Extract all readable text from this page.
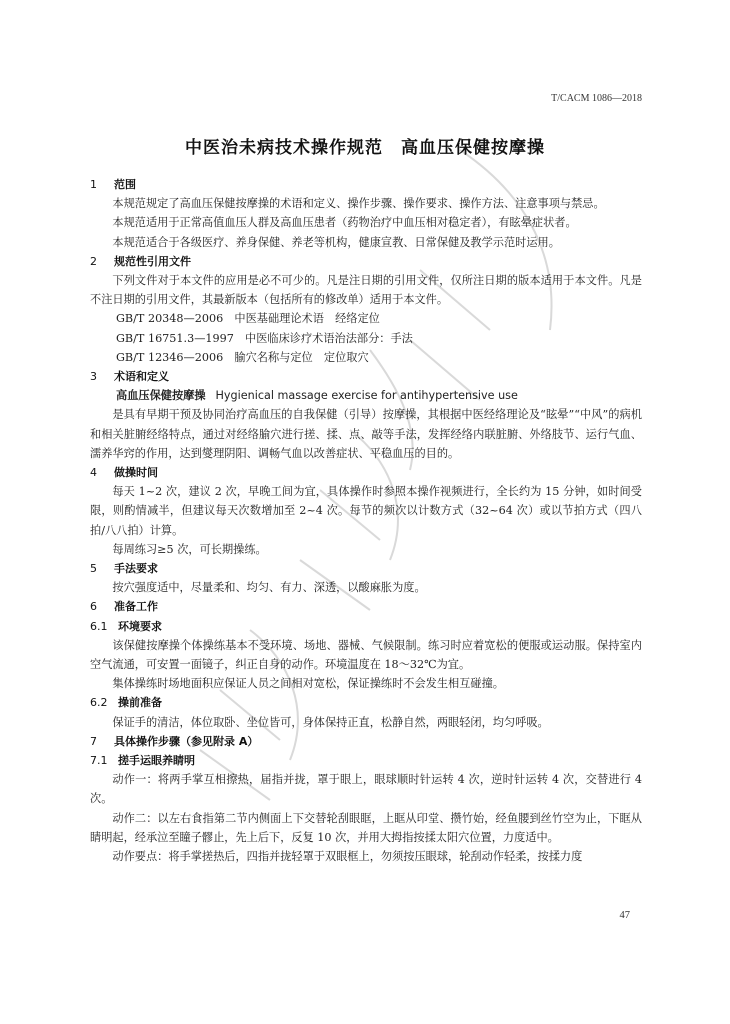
T/CACM 1086—2018
中医治未病技术操作规范　高血压保健按摩操
1 范围
本规范规定了高血压保健按摩操的术语和定义、操作步骤、操作要求、操作方法、注意事项与禁忌。
本规范适用于正常高值血压人群及高血压患者（药物治疗中血压相对稳定者），有眩晕症状者。
本规范适合于各级医疗、养身保健、养老等机构，健康宣教、日常保健及教学示范时运用。
2 规范性引用文件
下列文件对于本文件的应用是必不可少的。凡是注日期的引用文件，仅所注日期的版本适用于本文件。凡是不注日期的引用文件，其最新版本（包括所有的修改单）适用于本文件。
GB/T 20348—2006　中医基础理论术语　经络定位
GB/T 16751.3—1997　中医临床诊疗术语治法部分：手法
GB/T 12346—2006　腧穴名称与定位　定位取穴
3 术语和定义
高血压保健按摩操 Hygienical massage exercise for antihypertensive use
是具有早期干预及协同治疗高血压的自我保健（引导）按摩操，其根据中医经络理论及“眩晕”“中风”的病机和相关脏腑经络特点，通过对经络腧穴进行搓、揉、点、敲等手法，发挥经络内联脏腑、外络肢节、运行气血、濡养华窍的作用，达到燮理阴阳、调畅气血以改善症状、平稳血压的目的。
4 做操时间
每天 1~2 次，建议 2 次，早晚工间为宜，具体操作时参照本操作视频进行，全长约为 15 分钟，如时间受限，则酌情减半，但建议每天次数增加至 2~4 次。每节的频次以计数方式（32~64 次）或以节拍方式（四八拍/八八拍）计算。
每周练习≥5 次，可长期操练。
5 手法要求
按穴强度适中，尽量柔和、均匀、有力、深透，以酸麻胀为度。
6 准备工作
6.1 环境要求
该保健按摩操个体操练基本不受环境、场地、器械、气候限制。练习时应着宽松的便服或运动服。保持室内空气流通，可安置一面镜子，纠正自身的动作。环境温度在 18～32℃为宜。
集体操练时场地面积应保证人员之间相对宽松，保证操练时不会发生相互碰撞。
6.2 操前准备
保证手的清洁，体位取卧、坐位皆可，身体保持正直，松静自然，两眼轻闭，均匀呼吸。
7 具体操作步骤（参见附录 A）
7.1 搓手运眼养睛明
动作一：将两手掌互相擦热，届指并拢，罩于眼上，眼球顺时针运转 4 次，逆时针运转 4 次，交替进行 4 次。
动作二：以左右食指第二节内侧面上下交替轮刮眼眶，上眶从印堂、攒竹始，经鱼腰到丝竹空为止，下眶从睛明起，经承泣至瞳子髎止，先上后下，反复 10 次，并用大拇指按揉太阳穴位置，力度适中。
动作要点：将手掌搓热后，四指并拢轻罩于双眼框上，勿须按压眼球，轮刮动作轻柔，按揉力度
47
